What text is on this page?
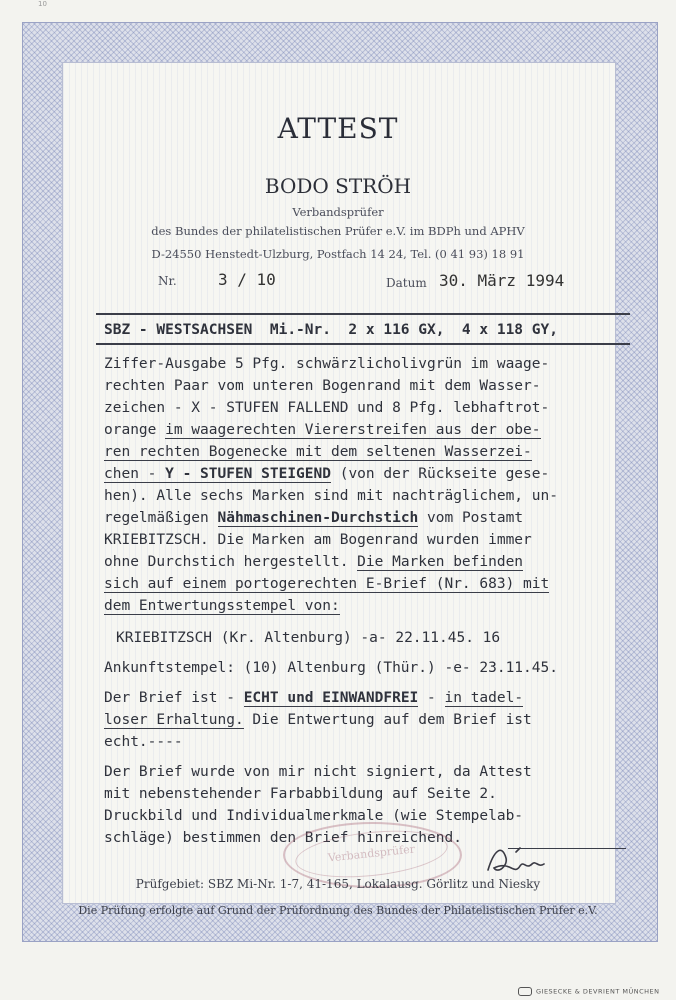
10
ATTEST
BODO STRÖH
Verbandsprüfer
des Bundes der philatelistischen Prüfer e.V. im BDPh und APHV
D-24550 Henstedt-Ulzburg, Postfach 14 24, Tel. (0 41 93) 18 91
Nr.	3 / 10	Datum 30. März 1994
SBZ - WESTSACHSEN  Mi.-Nr.  2 x 116 GX,  4 x 118 GY,
Ziffer-Ausgabe 5 Pfg. schwärzlicholivgrün im waage-
rechten Paar vom unteren Bogenrand mit dem Wasser-
zeichen - X - STUFEN FALLEND und 8 Pfg. lebhaftrot-
orange im waagerechten Viererstreifen aus der obe-
ren rechten Bogenecke mit dem seltenen Wasserzei-
chen - Y - STUFEN STEIGEND (von der Rückseite gese-
hen). Alle sechs Marken sind mit nachträglichem, un-
regelmäßigen Nähmaschinen-Durchstich vom Postamt
KRIEBITZSCH. Die Marken am Bogenrand wurden immer
ohne Durchstich hergestellt. Die Marken befinden
sich auf einem portogerechten E-Brief (Nr. 683) mit
dem Entwertungsstempel von:
KRIEBITZSCH (Kr. Altenburg) -a- 22.11.45. 16
Ankunftstempel: (10) Altenburg (Thür.) -e- 23.11.45.
Der Brief ist - ECHT und EINWANDFREI - in tadel-
loser Erhaltung. Die Entwertung auf dem Brief ist
echt.----
Der Brief wurde von mir nicht signiert, da Attest
mit nebenstehender Farbabbildung auf Seite 2.
Druckbild und Individualmerkmale (wie Stempelab-
schläge) bestimmen den Brief hinreichend.
Verbandsprüfer
Prüfgebiet: SBZ Mi-Nr. 1-7, 41-165, Lokalausg. Görlitz und Niesky
Die Prüfung erfolgte auf Grund der Prüfordnung des Bundes der Philatelistischen Prüfer e.V.
GIESECKE & DEVRIENT MÜNCHEN
